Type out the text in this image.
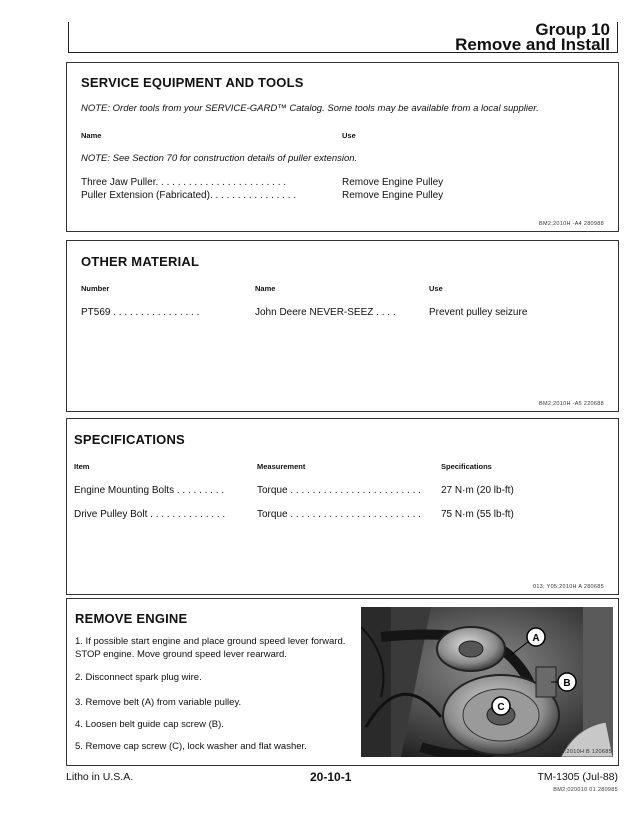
Group 10
Remove and Install
SERVICE EQUIPMENT AND TOOLS
NOTE: Order tools from your SERVICE-GARD™ Catalog. Some tools may be available from a local supplier.
Name	Use
NOTE: See Section 70 for construction details of puller extension.
Three Jaw Puller. . . . . . . . . . . . . . . . . . . . . . . .	Remove Engine Pulley
Puller Extension (Fabricated). . . . . . . . . . . . . . . .	Remove Engine Pulley
BM2;2010H -A4 280988
OTHER MATERIAL
Number	Name	Use
PT569 . . . . . . . . . . . . . . . .	John Deere NEVER-SEEZ . . . .	Prevent pulley seizure
BM2;2010H -A5 220688
SPECIFICATIONS
Item	Measurement	Specifications
Engine Mounting Bolts . . . . . . . . .	Torque . . . . . . . . . . . . . . . . . . . . . . . . 27 N·m (20 lb-ft)
Drive Pulley Bolt . . . . . . . . . . . . . .	Torque . . . . . . . . . . . . . . . . . . . . . . . . 75 N·m (55 lb-ft)
013; Y05;2010H A 280685
REMOVE ENGINE
1. If possible start engine and place ground speed lever forward. STOP engine. Move ground speed lever rearward.
2. Disconnect spark plug wire.
3. Remove belt (A) from variable pulley.
4. Loosen belt guide cap screw (B).
5. Remove cap screw (C), lock washer and flat washer.
A
B
C
013;TY1091 B Y05;2010H B 120685
Litho in U.S.A.	20-10-1	TM-1305 (Jul-88)
BM2;020010 01 280985
